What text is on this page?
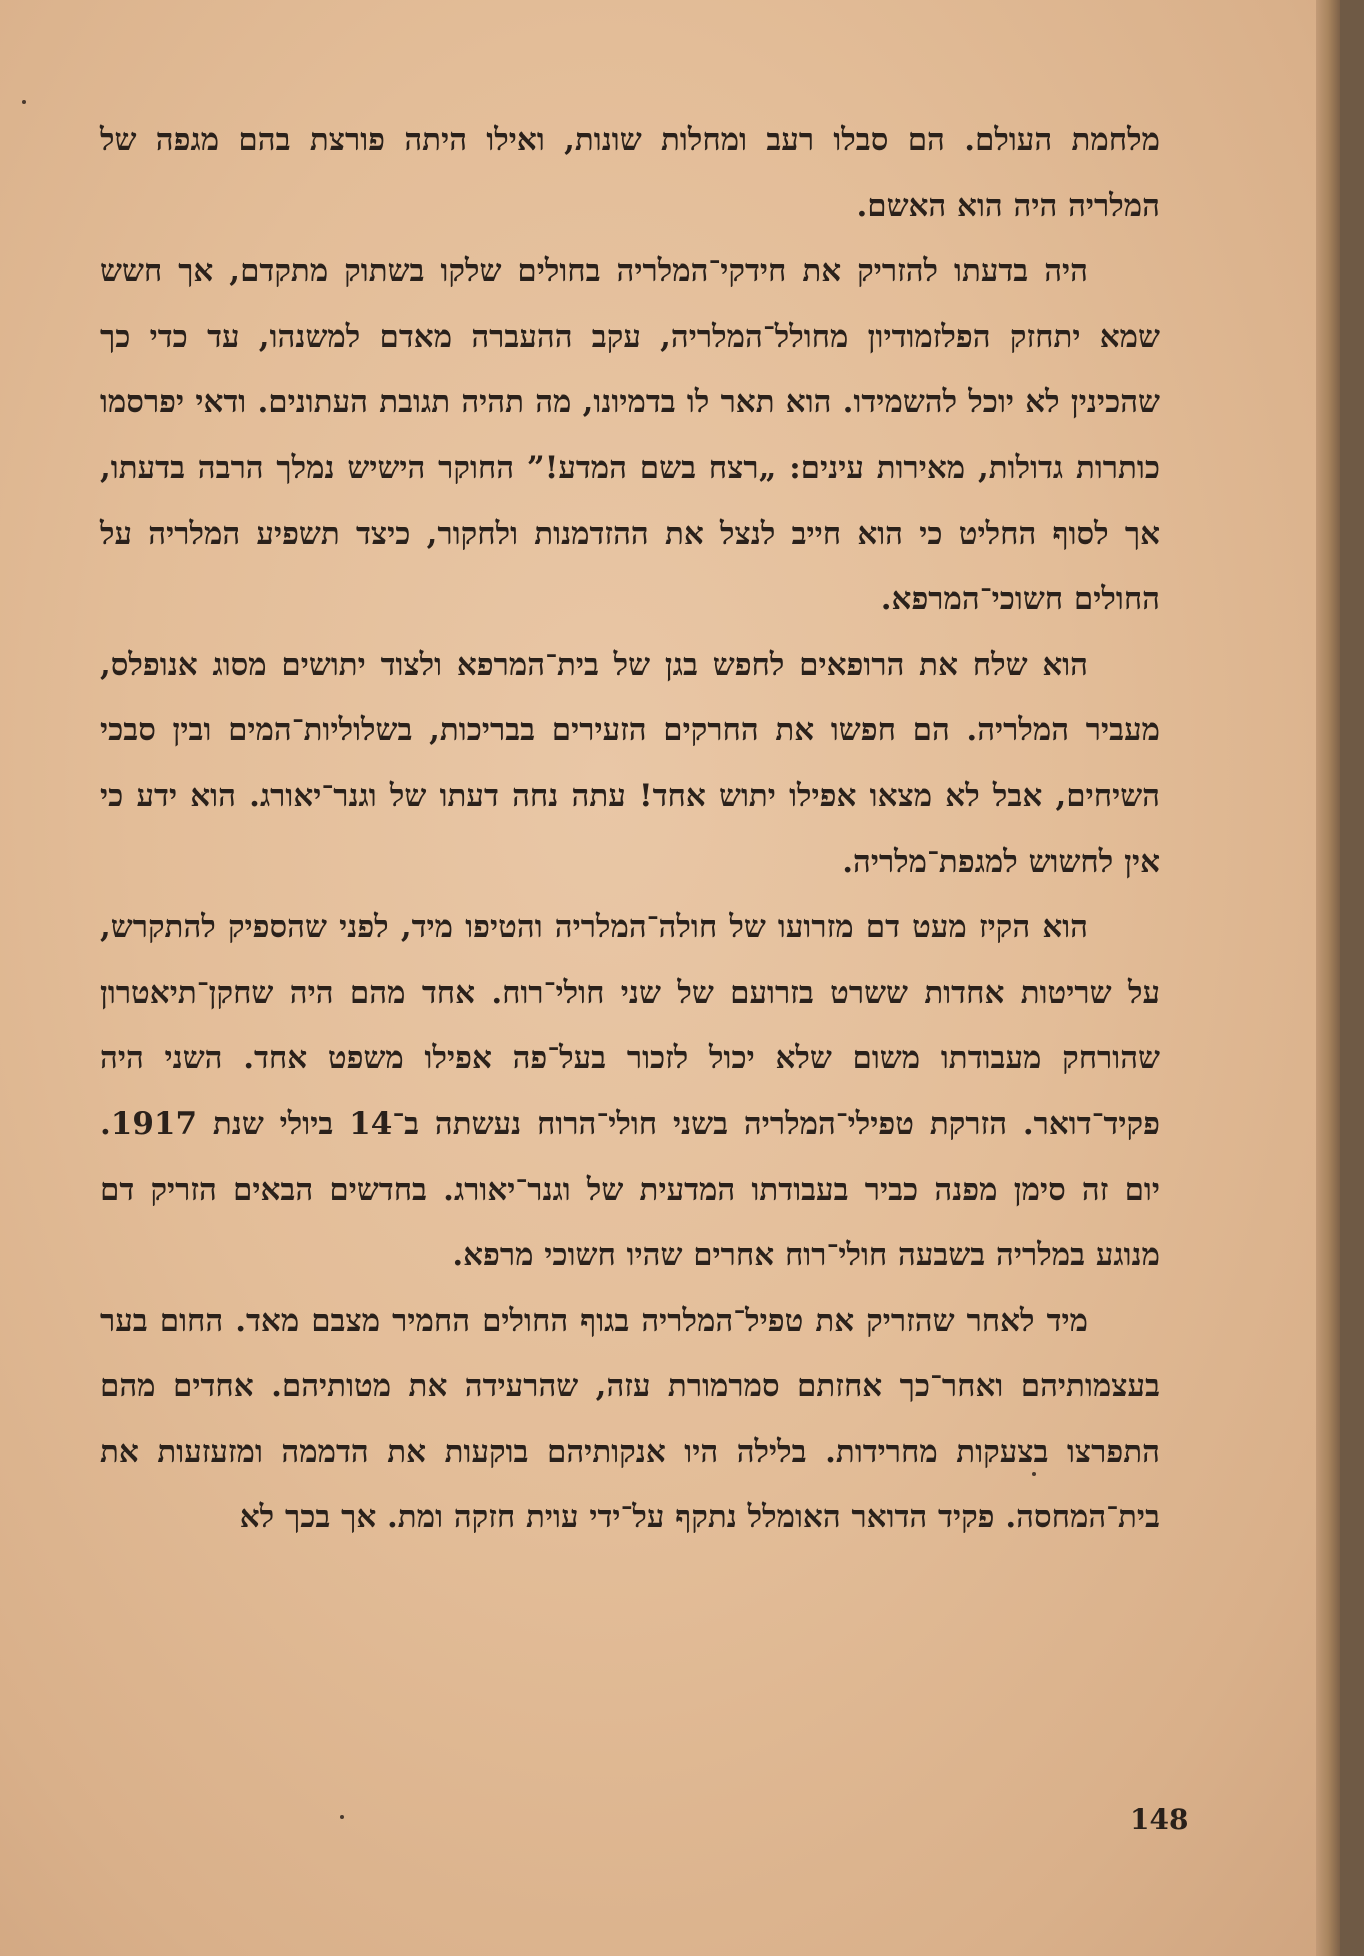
מלחמת העולם. הם סבלו רעב ומחלות שונות, ואילו היתה פורצת בהם מגפה של המלריה היה הוא האשם.

היה בדעתו להזריק את חידקי־המלריה בחולים שלקו בשתוק מתקדם, אך חשש שמא יתחזק הפלזמודיון מחולל־המלריה, עקב ההעברה מאדם למשנהו, עד כדי כך שהכינין לא יוכל להשמידו. הוא תאר לו בדמיונו, מה תהיה תגובת העתונים. ודאי יפרסמו כותרות גדולות, מאירות עינים: „רצח בשם המדע!” החוקר הישיש נמלך הרבה בדעתו, אך לסוף החליט כי הוא חייב לנצל את ההזדמנות ולחקור, כיצד תשפיע המלריה על החולים חשוכי־המרפא.

הוא שלח את הרופאים לחפש בגן של בית־המרפא ולצוד יתושים מסוג אנופלס, מעביר המלריה. הם חפשו את החרקים הזעירים בבריכות, בשלוליות־המים ובין סבכי השיחים, אבל לא מצאו אפילו יתוש אחד! עתה נחה דעתו של וגנר־יאורג. הוא ידע כי אין לחשוש למגפת־מלריה.

הוא הקיז מעט דם מזרועו של חולה־המלריה והטיפו מיד, לפני שהספיק להתקרש, על שריטות אחדות ששרט בזרועם של שני חולי־רוח. אחד מהם היה שחקן־תיאטרון שהורחק מעבודתו משום שלא יכול לזכור בעל־פה אפילו משפט אחד. השני היה פקיד־דואר. הזרקת טפילי־המלריה בשני חולי־הרוח נעשתה ב־14 ביולי שנת 1917. יום זה סימן מפנה כביר בעבודתו המדעית של וגנר־יאורג. בחדשים הבאים הזריק דם מנוגע במלריה בשבעה חולי־רוח אחרים שהיו חשוכי מרפא.

מיד לאחר שהזריק את טפיל־המלריה בגוף החולים החמיר מצבם מאד. החום בער בעצמותיהם ואחר־כך אחזתם סמרמורת עזה, שהרעידה את מטותיהם. אחדים מהם התפרצו בצעקות מחרידות. בלילה היו אנקותיהם בוקעות את הדממה ומזעזעות את בית־המחסה. פקיד הדואר האומלל נתקף על־ידי עוית חזקה ומת. אך בכך לא

148
